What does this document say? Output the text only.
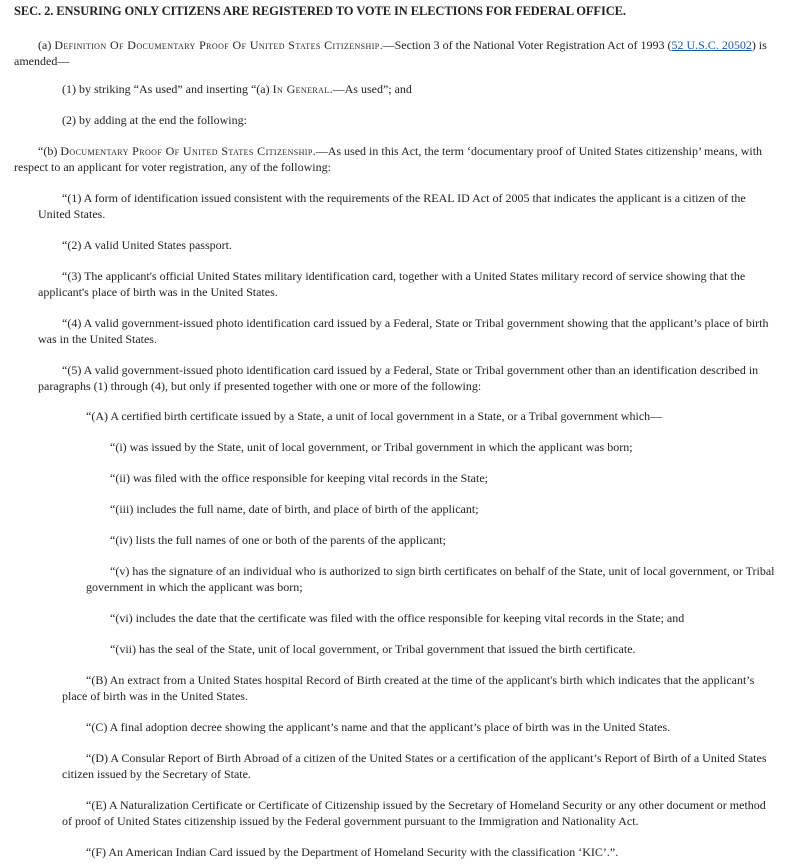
SEC. 2. ENSURING ONLY CITIZENS ARE REGISTERED TO VOTE IN ELECTIONS FOR FEDERAL OFFICE.

(a) Definition Of Documentary Proof Of United States Citizenship.—Section 3 of the National Voter Registration Act of 1993 (52 U.S.C. 20502) is amended—

(1) by striking “As used” and inserting “(a) In General.—As used”; and

(2) by adding at the end the following:

“(b) Documentary Proof Of United States Citizenship.—As used in this Act, the term ‘documentary proof of United States citizenship’ means, with respect to an applicant for voter registration, any of the following:

“(1) A form of identification issued consistent with the requirements of the REAL ID Act of 2005 that indicates the applicant is a citizen of the United States.

“(2) A valid United States passport.

“(3) The applicant's official United States military identification card, together with a United States military record of service showing that the applicant's place of birth was in the United States.

“(4) A valid government-issued photo identification card issued by a Federal, State or Tribal government showing that the applicant’s place of birth was in the United States.

“(5) A valid government-issued photo identification card issued by a Federal, State or Tribal government other than an identification described in paragraphs (1) through (4), but only if presented together with one or more of the following:

“(A) A certified birth certificate issued by a State, a unit of local government in a State, or a Tribal government which—

“(i) was issued by the State, unit of local government, or Tribal government in which the applicant was born;

“(ii) was filed with the office responsible for keeping vital records in the State;

“(iii) includes the full name, date of birth, and place of birth of the applicant;

“(iv) lists the full names of one or both of the parents of the applicant;

“(v) has the signature of an individual who is authorized to sign birth certificates on behalf of the State, unit of local government, or Tribal government in which the applicant was born;

“(vi) includes the date that the certificate was filed with the office responsible for keeping vital records in the State; and

“(vii) has the seal of the State, unit of local government, or Tribal government that issued the birth certificate.

“(B) An extract from a United States hospital Record of Birth created at the time of the applicant's birth which indicates that the applicant’s place of birth was in the United States.

“(C) A final adoption decree showing the applicant’s name and that the applicant’s place of birth was in the United States.

“(D) A Consular Report of Birth Abroad of a citizen of the United States or a certification of the applicant’s Report of Birth of a United States citizen issued by the Secretary of State.

“(E) A Naturalization Certificate or Certificate of Citizenship issued by the Secretary of Homeland Security or any other document or method of proof of United States citizenship issued by the Federal government pursuant to the Immigration and Nationality Act.

“(F) An American Indian Card issued by the Department of Homeland Security with the classification ‘KIC’.”.
